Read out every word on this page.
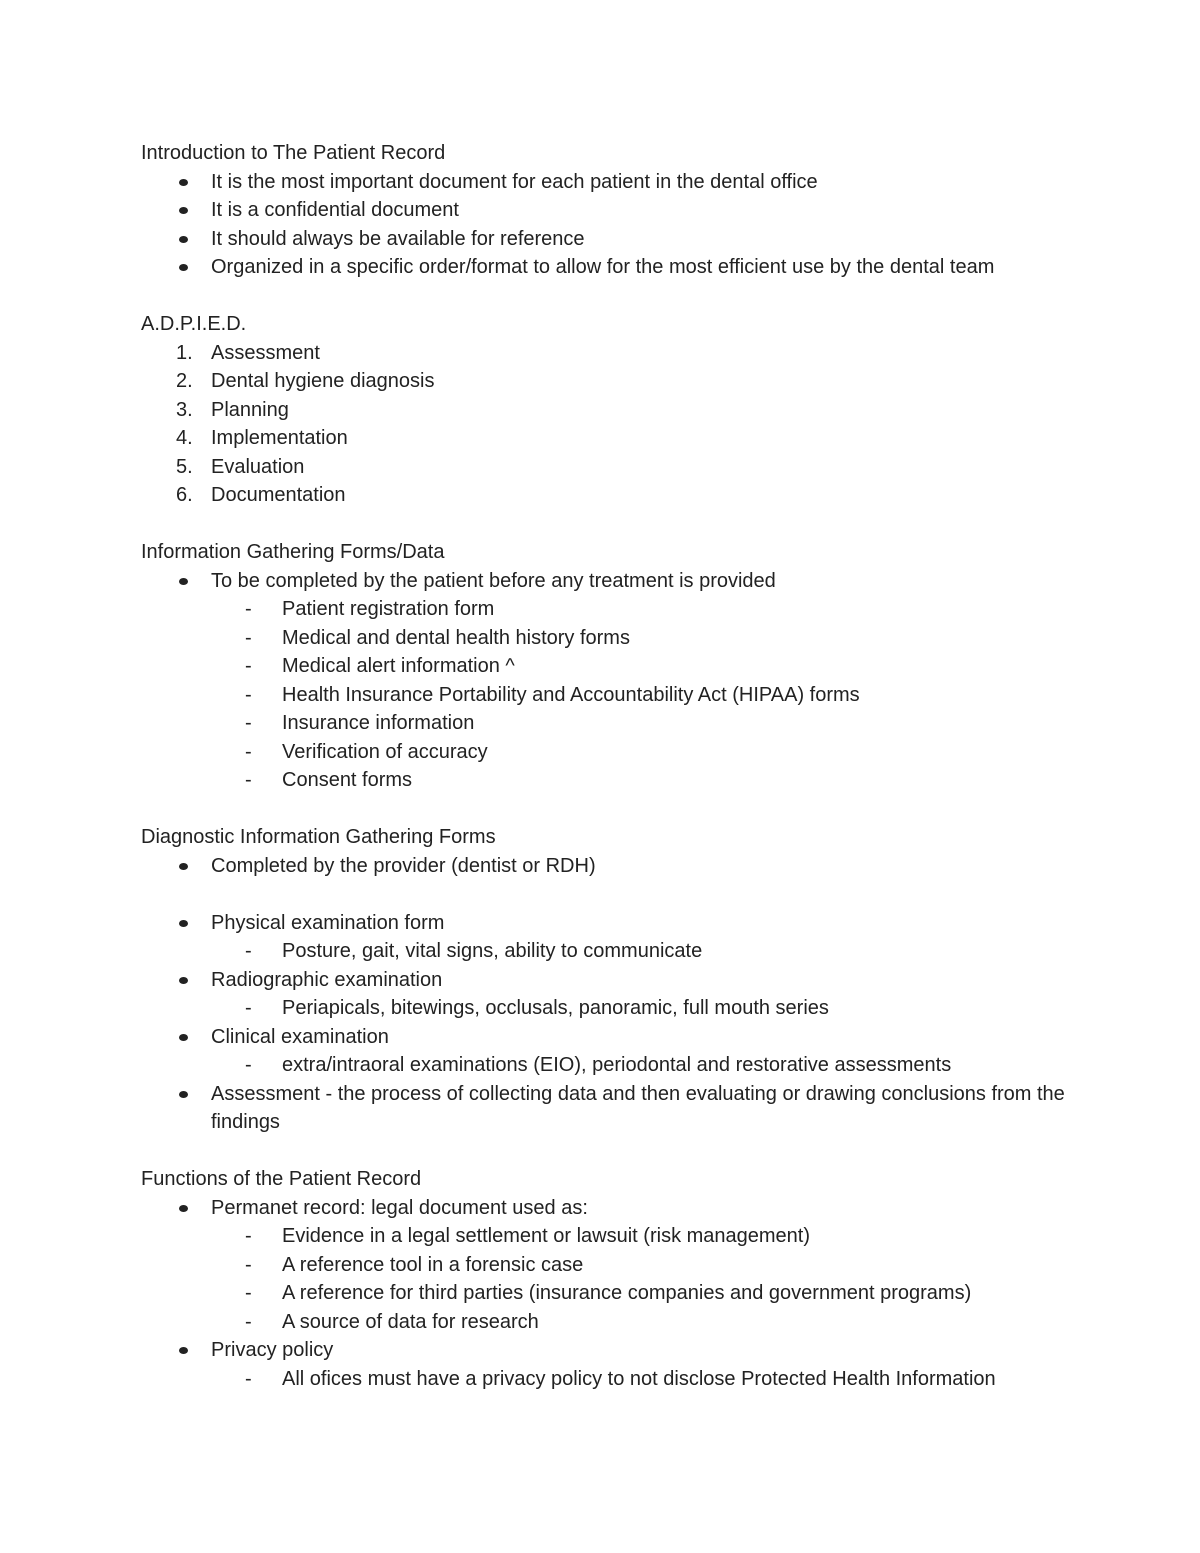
Introduction to The Patient Record
It is the most important document for each patient in the dental office
It is a confidential document
It should always be available for reference
Organized in a specific order/format to allow for the most efficient use by the dental team
A.D.P.I.E.D.
1. Assessment
2. Dental hygiene diagnosis
3. Planning
4. Implementation
5. Evaluation
6. Documentation
Information Gathering Forms/Data
To be completed by the patient before any treatment is provided
- Patient registration form
- Medical and dental health history forms
- Medical alert information ^
- Health Insurance Portability and Accountability Act (HIPAA) forms
- Insurance information
- Verification of accuracy
- Consent forms
Diagnostic Information Gathering Forms
Completed by the provider (dentist or RDH)
Physical examination form
- Posture, gait, vital signs, ability to communicate
Radiographic examination
- Periapicals, bitewings, occlusals, panoramic, full mouth series
Clinical examination
- extra/intraoral examinations (EIO), periodontal and restorative assessments
Assessment - the process of collecting data and then evaluating or drawing conclusions from the findings
Functions of the Patient Record
Permanet record: legal document used as:
- Evidence in a legal settlement or lawsuit (risk management)
- A reference tool in a forensic case
- A reference for third parties (insurance companies and government programs)
- A source of data for research
Privacy policy
- All ofices must have a privacy policy to not disclose Protected Health Information
